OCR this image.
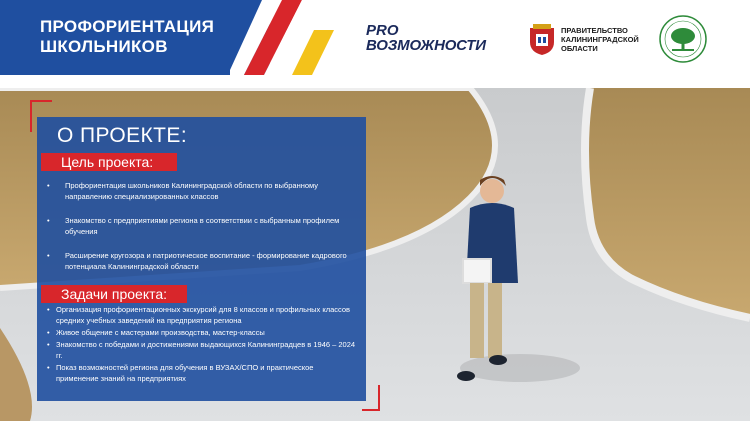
ПРОФОРИЕНТАЦИЯ
ШКОЛЬНИКОВ
PRO
ВОЗМОЖНОСТИ
ПРАВИТЕЛЬСТВО
КАЛИНИНГРАДСКОЙ
ОБЛАСТИ
О ПРОЕКТЕ:
Цель проекта:
• Профориентация школьников Калининградской области по выбранному направлению специализированных классов
• Знакомство с предприятиями региона в соответствии с выбранным профилем обучения
• Расширение кругозора и патриотическое воспитание - формирование кадрового потенциала Калининградской области
Задачи проекта:
• Организация профориентационных экскурсий для 8 классов и профильных классов средних учебных заведений на предприятия региона
• Живое общение с мастерами производства, мастер-классы
• Знакомство с победами и достижениями выдающихся Калининградцев в 1946 – 2024 гг.
• Показ возможностей региона для обучения в ВУЗАХ/СПО и практическое применение знаний на предприятиях
